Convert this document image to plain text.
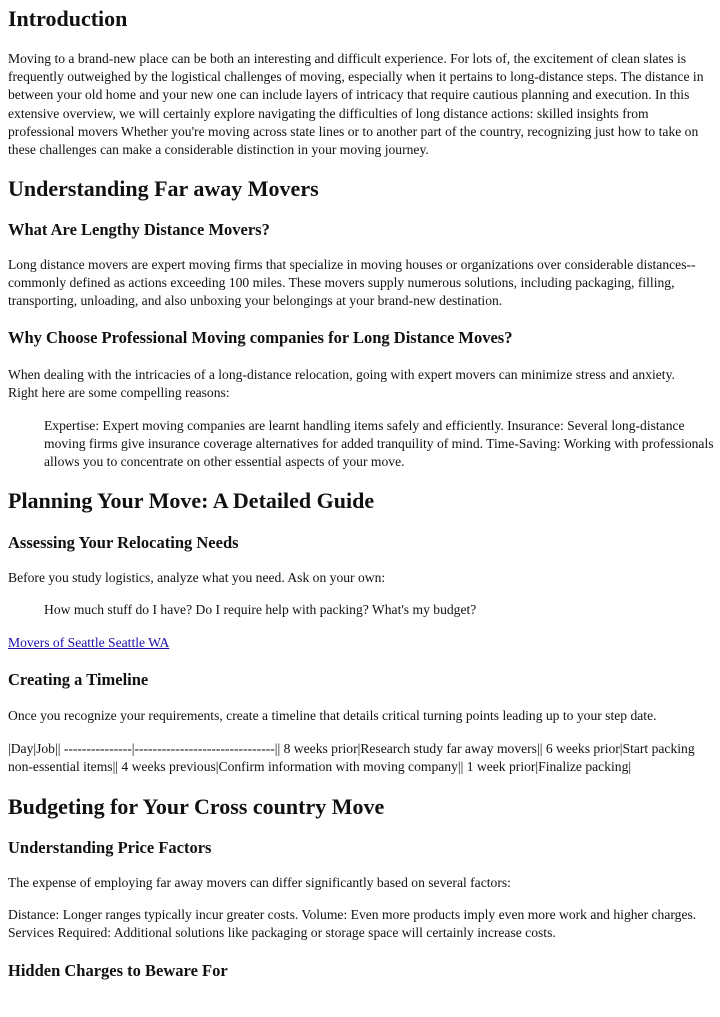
Introduction

Moving to a brand-new place can be both an interesting and difficult experience. For lots of, the excitement of clean slates is frequently outweighed by the logistical challenges of moving, especially when it pertains to long-distance steps. The distance in between your old home and your new one can include layers of intricacy that require cautious planning and execution. In this extensive overview, we will certainly explore navigating the difficulties of long distance actions: skilled insights from professional movers Whether you're moving across state lines or to another part of the country, recognizing just how to take on these challenges can make a considerable distinction in your moving journey.

Understanding Far away Movers
What Are Lengthy Distance Movers?

Long distance movers are expert moving firms that specialize in moving houses or organizations over considerable distances--commonly defined as actions exceeding 100 miles. These movers supply numerous solutions, including packaging, filling, transporting, unloading, and also unboxing your belongings at your brand-new destination.

Why Choose Professional Moving companies for Long Distance Moves?

When dealing with the intricacies of a long-distance relocation, going with expert movers can minimize stress and anxiety. Right here are some compelling reasons:

Expertise: Expert moving companies are learnt handling items safely and efficiently. Insurance: Several long-distance moving firms give insurance coverage alternatives for added tranquility of mind. Time-Saving: Working with professionals allows you to concentrate on other essential aspects of your move.

Planning Your Move: A Detailed Guide
Assessing Your Relocating Needs

Before you study logistics, analyze what you need. Ask on your own:

How much stuff do I have? Do I require help with packing? What's my budget?

Movers of Seattle Seattle WA
Creating a Timeline

Once you recognize your requirements, create a timeline that details critical turning points leading up to your step date.

|Day|Job|| ---------------|-------------------------------|| 8 weeks prior|Research study far away movers|| 6 weeks prior|Start packing non-essential items|| 4 weeks previous|Confirm information with moving company|| 1 week prior|Finalize packing|

Budgeting for Your Cross country Move
Understanding Price Factors

The expense of employing far away movers can differ significantly based on several factors:

Distance: Longer ranges typically incur greater costs. Volume: Even more products imply even more work and higher charges. Services Required: Additional solutions like packaging or storage space will certainly increase costs.

Hidden Charges to Beware For
